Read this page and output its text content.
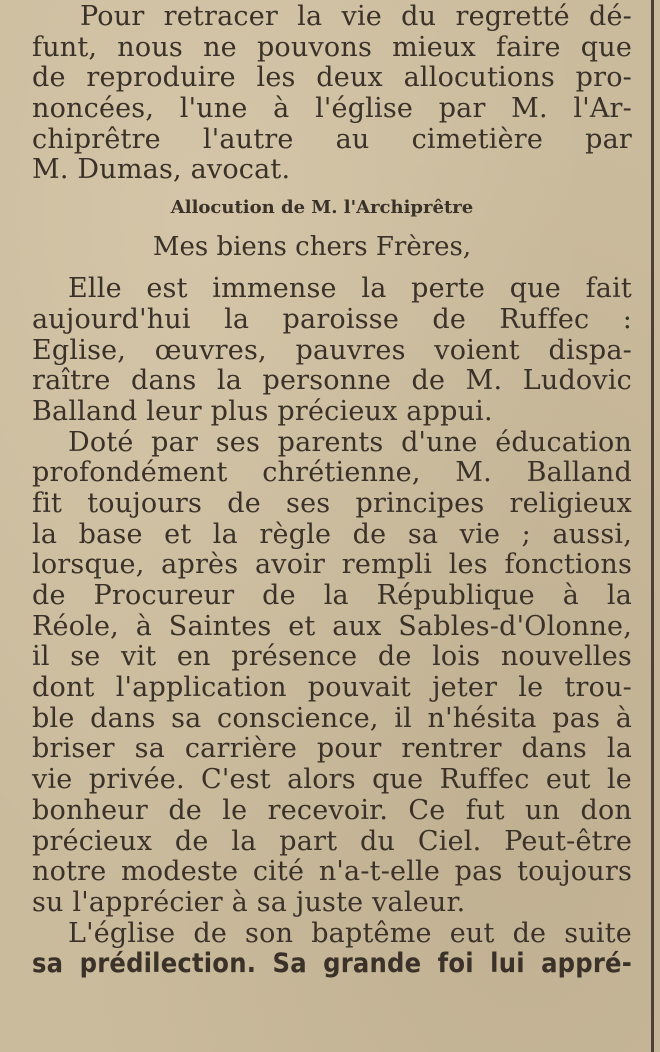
Pour retracer la vie du regretté dé-
funt, nous ne pouvons mieux faire que
de reproduire les deux allocutions pro-
noncées, l'une à l'église par M. l'Ar-
chiprêtre l'autre au cimetière par
M. Dumas, avocat.
Allocution de M. l'Archiprêtre
Mes biens chers Frères,
Elle est immense la perte que fait
aujourd'hui la paroisse de Ruffec :
Eglise, œuvres, pauvres voient dispa-
raître dans la personne de M. Ludovic
Balland leur plus précieux appui.
Doté par ses parents d'une éducation
profondément chrétienne, M. Balland
fit toujours de ses principes religieux
la base et la règle de sa vie ; aussi,
lorsque, après avoir rempli les fonctions
de Procureur de la République à la
Réole, à Saintes et aux Sables-d'Olonne,
il se vit en présence de lois nouvelles
dont l'application pouvait jeter le trou-
ble dans sa conscience, il n'hésita pas à
briser sa carrière pour rentrer dans la
vie privée. C'est alors que Ruffec eut le
bonheur de le recevoir. Ce fut un don
précieux de la part du Ciel. Peut-être
notre modeste cité n'a-t-elle pas toujours
su l'apprécier à sa juste valeur.
L'église de son baptême eut de suite
sa prédilection. Sa grande foi lui appré-
